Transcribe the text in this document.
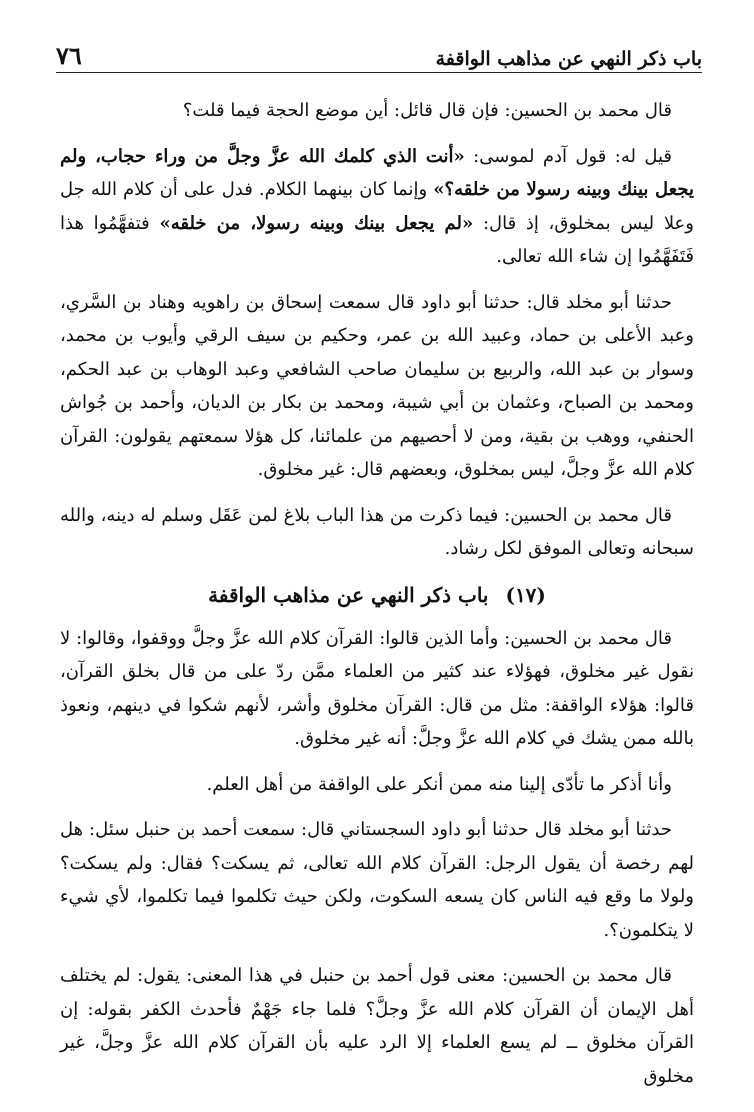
باب ذكر النهي عن مذاهب الواقفة
٧٦

قال محمد بن الحسين: فإن قال قائل: أين موضع الحجة فيما قلت؟

قيل له: قول آدم لموسى: «أنت الذي كلمك الله عزَّ وجلَّ من وراء حجاب، ولم يجعل بينك وبينه رسولا من خلقه؟» وإنما كان بينهما الكلام. فدل على أن كلام الله جل وعلا ليس بمخلوق، إذ قال: «لم يجعل بينك وبينه رسولا، من خلقه» فتفهَّمُوا هذا فَتَفَهَّمُوا إن شاء الله تعالى.

حدثنا أبو مخلد قال: حدثنا أبو داود قال سمعت إسحاق بن راهويه وهناد بن السَّري، وعبد الأعلى بن حماد، وعبيد الله بن عمر، وحكيم بن سيف الرقي وأيوب بن محمد، وسوار بن عبد الله، والربيع بن سليمان صاحب الشافعي وعبد الوهاب بن عبد الحكم، ومحمد بن الصباح، وعثمان بن أبي شيبة، ومحمد بن بكار بن الديان، وأحمد بن جُواش الحنفي، ووهب بن بقية، ومن لا أحصيهم من علمائنا، كل هؤلا سمعتهم يقولون: القرآن كلام الله عزَّ وجلَّ، ليس بمخلوق، وبعضهم قال: غير مخلوق.

قال محمد بن الحسين: فيما ذكرت من هذا الباب بلاغ لمن عَقَل وسلم له دينه، والله سبحانه وتعالى الموفق لكل رشاد.

(١٧) باب ذكر النهي عن مذاهب الواقفة

قال محمد بن الحسين: وأما الذين قالوا: القرآن كلام الله عزَّ وجلَّ ووقفوا، وقالوا: لا نقول غير مخلوق، فهؤلاء عند كثير من العلماء ممَّن ردّ على من قال بخلق القرآن، قالوا: هؤلاء الواقفة: مثل من قال: القرآن مخلوق وأشر، لأنهم شكوا في دينهم، ونعوذ بالله ممن يشك في كلام الله عزَّ وجلَّ: أنه غير مخلوق.

وأنا أذكر ما تأدّى إلينا منه ممن أنكر على الواقفة من أهل العلم.

حدثنا أبو مخلد قال حدثنا أبو داود السجستاني قال: سمعت أحمد بن حنبل سئل: هل لهم رخصة أن يقول الرجل: القرآن كلام الله تعالى، ثم يسكت؟ فقال: ولم يسكت؟ ولولا ما وقع فيه الناس كان يسعه السكوت، ولكن حيث تكلموا فيما تكلموا، لأي شيء لا يتكلمون؟.

قال محمد بن الحسين: معنى قول أحمد بن حنبل في هذا المعنى: يقول: لم يختلف أهل الإيمان أن القرآن كلام الله عزَّ وجلَّ؟ فلما جاء جَهْمٌ فأحدث الكفر بقوله: إن القرآن مخلوق ــ لم يسع العلماء إلا الرد عليه بأن القرآن كلام الله عزَّ وجلَّ، غير مخلوق
